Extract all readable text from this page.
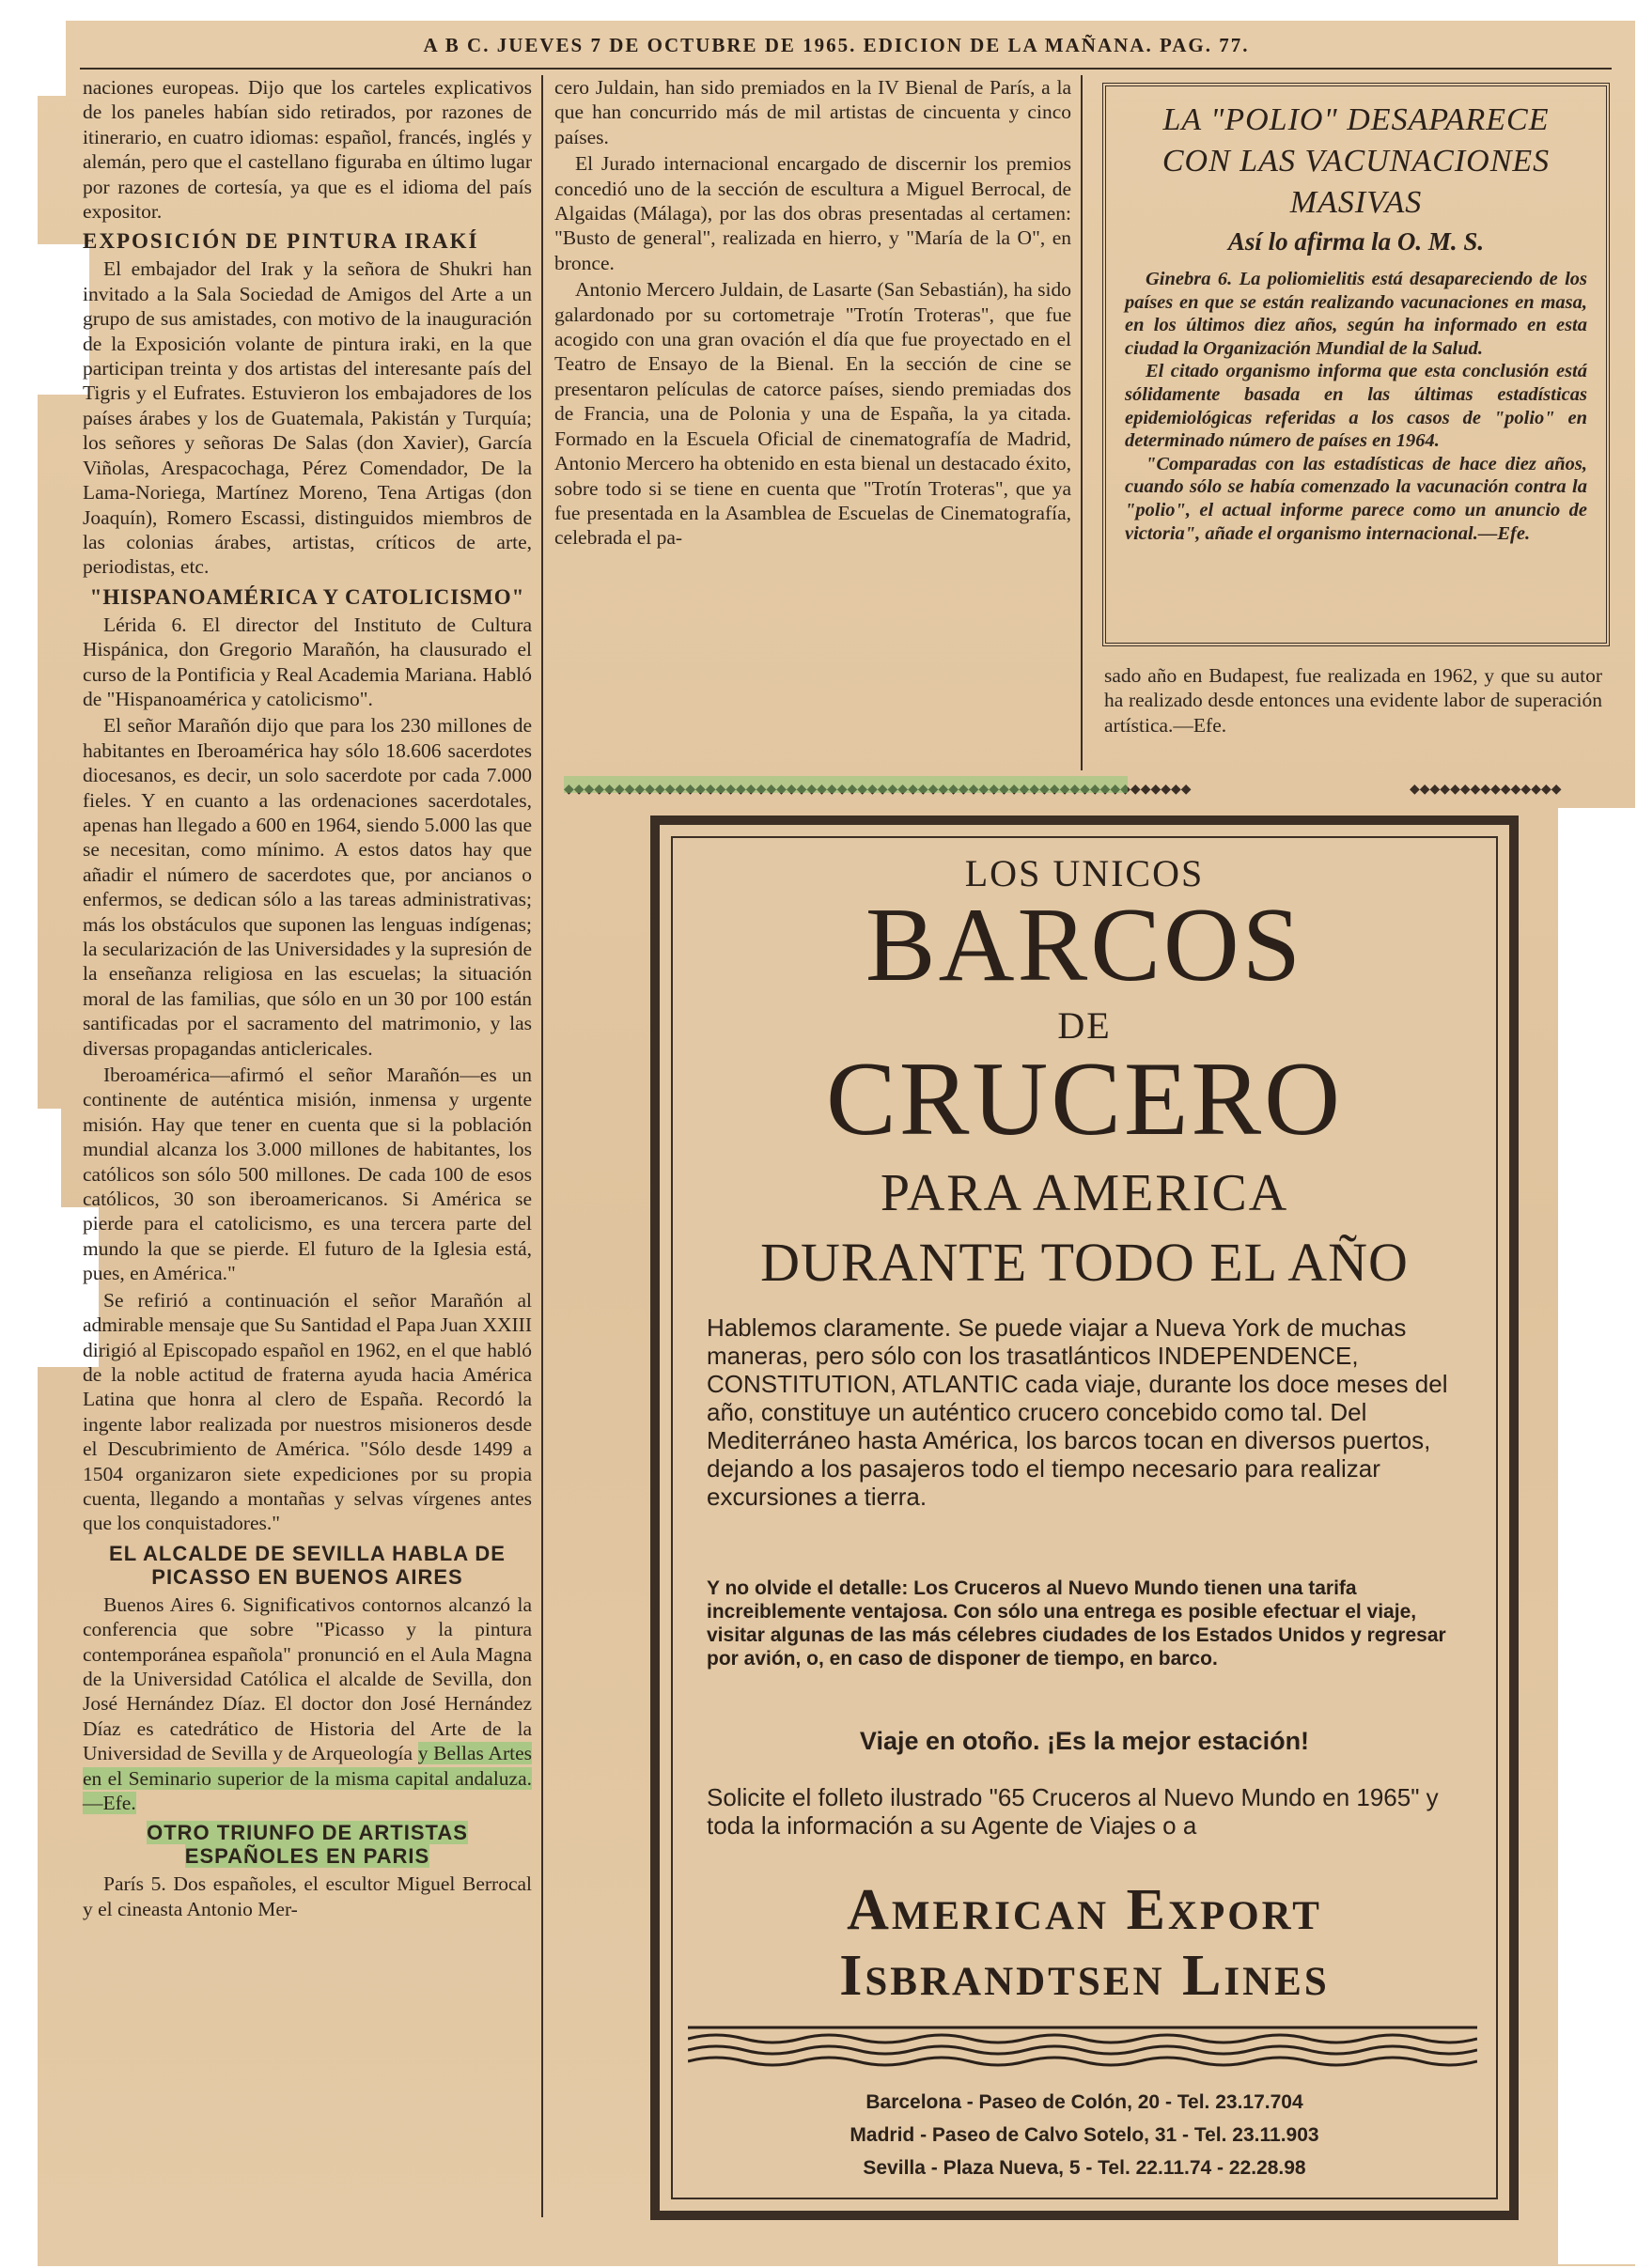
A B C. JUEVES 7 DE OCTUBRE DE 1965. EDICION DE LA MAÑANA. PAG. 77.

naciones europeas. Dijo que los carteles explicativos de los paneles habían sido retirados, por razones de itinerario, en cuatro idiomas: español, francés, inglés y alemán, pero que el castellano figuraba en último lugar por razones de cortesía, ya que es el idioma del país expositor.

EXPOSICIÓN DE PINTURA IRAKÍ

El embajador del Irak y la señora de Shukri han invitado a la Sala Sociedad de Amigos del Arte a un grupo de sus amistades, con motivo de la inauguración de la Exposición volante de pintura iraki, en la que participan treinta y dos artistas del interesante país del Tigris y el Eufrates. Estuvieron los embajadores de los países árabes y los de Guatemala, Pakistán y Turquía; los señores y señoras De Salas (don Xavier), García Viñolas, Arespacochaga, Pérez Comendador, De la Lama-Noriega, Martínez Moreno, Tena Artigas (don Joaquín), Romero Escassi, distinguidos miembros de las colonias árabes, artistas, críticos de arte, periodistas, etc.

"HISPANOAMÉRICA Y CATOLICISMO"

Lérida 6. El director del Instituto de Cultura Hispánica, don Gregorio Marañón, ha clausurado el curso de la Pontificia y Real Academia Mariana. Habló de "Hispanoamérica y catolicismo".

El señor Marañón dijo que para los 230 millones de habitantes en Iberoamérica hay sólo 18.606 sacerdotes diocesanos, es decir, un solo sacerdote por cada 7.000 fieles. Y en cuanto a las ordenaciones sacerdotales, apenas han llegado a 600 en 1964, siendo 5.000 las que se necesitan, como mínimo. A estos datos hay que añadir el número de sacerdotes que, por ancianos o enfermos, se dedican sólo a las tareas administrativas; más los obstáculos que suponen las lenguas indígenas; la secularización de las Universidades y la supresión de la enseñanza religiosa en las escuelas; la situación moral de las familias, que sólo en un 30 por 100 están santificadas por el sacramento del matrimonio, y las diversas propagandas anticlericales.

Iberoamérica—afirmó el señor Marañón—es un continente de auténtica misión, inmensa y urgente misión. Hay que tener en cuenta que si la población mundial alcanza los 3.000 millones de habitantes, los católicos son sólo 500 millones. De cada 100 de esos católicos, 30 son iberoamericanos. Si América se pierde para el catolicismo, es una tercera parte del mundo la que se pierde. El futuro de la Iglesia está, pues, en América."

Se refirió a continuación el señor Marañón al admirable mensaje que Su Santidad el Papa Juan XXIII dirigió al Episcopado español en 1962, en el que habló de la noble actitud de fraterna ayuda hacia América Latina que honra al clero de España. Recordó la ingente labor realizada por nuestros misioneros desde el Descubrimiento de América. "Sólo desde 1499 a 1504 organizaron siete expediciones por su propia cuenta, llegando a montañas y selvas vírgenes antes que los conquistadores."

EL ALCALDE DE SEVILLA HABLA DE PICASSO EN BUENOS AIRES

Buenos Aires 6. Significativos contornos alcanzó la conferencia que sobre "Picasso y la pintura contemporánea española" pronunció en el Aula Magna de la Universidad Católica el alcalde de Sevilla, don José Hernández Díaz. El doctor don José Hernández Díaz es catedrático de Historia del Arte de la Universidad de Sevilla y de Arqueología y Bellas Artes en el Seminario superior de la misma capital andaluza.—Efe.

OTRO TRIUNFO DE ARTISTAS ESPAÑOLES EN PARIS

París 5. Dos españoles, el escultor Miguel Berrocal y el cineasta Antonio Mer-

cero Juldain, han sido premiados en la IV Bienal de París, a la que han concurrido más de mil artistas de cincuenta y cinco países.

El Jurado internacional encargado de discernir los premios concedió uno de la sección de escultura a Miguel Berrocal, de Algaidas (Málaga), por las dos obras presentadas al certamen: "Busto de general", realizada en hierro, y "María de la O", en bronce.

Antonio Mercero Juldain, de Lasarte (San Sebastián), ha sido galardonado por su cortometraje "Trotín Troteras", que fue acogido con una gran ovación el día que fue proyectado en el Teatro de Ensayo de la Bienal. En la sección de cine se presentaron películas de catorce países, siendo premiadas dos de Francia, una de Polonia y una de España, la ya citada. Formado en la Escuela Oficial de cinematografía de Madrid, Antonio Mercero ha obtenido en esta bienal un destacado éxito, sobre todo si se tiene en cuenta que "Trotín Troteras", que ya fue presentada en la Asamblea de Escuelas de Cinematografía, celebrada el pa-

LA "POLIO" DESAPARECE CON LAS VACUNACIONES MASIVAS
Así lo afirma la O. M. S.

Ginebra 6. La poliomielitis está desapareciendo de los países en que se están realizando vacunaciones en masa, en los últimos diez años, según ha informado en esta ciudad la Organización Mundial de la Salud.

El citado organismo informa que esta conclusión está sólidamente basada en las últimas estadísticas epidemiológicas referidas a los casos de "polio" en determinado número de países en 1964.

"Comparadas con las estadísticas de hace diez años, cuando sólo se había comenzado la vacunación contra la "polio", el actual informe parece como un anuncio de victoria", añade el organismo internacional.—Efe.

sado año en Budapest, fue realizada en 1962, y que su autor ha realizado desde entonces una evidente labor de superación artística.—Efe.

◆◆◆◆◆◆◆◆◆◆◆◆◆◆◆◆◆◆◆◆◆◆◆◆◆◆◆◆◆◆◆◆◆◆◆◆◆◆◆◆◆◆◆◆◆◆◆◆◆◆◆◆◆◆◆◆◆◆◆◆◆◆	◆◆◆◆◆◆◆◆◆◆◆◆◆◆◆
LOS UNICOS
BARCOS
DE
CRUCERO
PARA AMERICA
DURANTE TODO EL AÑO
Hablemos claramente. Se puede viajar a Nueva York de muchas maneras, pero sólo con los trasatlánticos INDEPENDENCE, CONSTITUTION, ATLANTIC cada viaje, durante los doce meses del año, constituye un auténtico crucero concebido como tal. Del Mediterráneo hasta América, los barcos tocan en diversos puertos, dejando a los pasajeros todo el tiempo necesario para realizar excursiones a tierra.
Y no olvide el detalle: Los Cruceros al Nuevo Mundo tienen una tarifa increiblemente ventajosa. Con sólo una entrega es posible efectuar el viaje, visitar algunas de las más célebres ciudades de los Estados Unidos y regresar por avión, o, en caso de disponer de tiempo, en barco.
Viaje en otoño. ¡Es la mejor estación!
Solicite el folleto ilustrado "65 Cruceros al Nuevo Mundo en 1965" y toda la información a su Agente de Viajes o a
American Export
Isbrandtsen Lines
Barcelona - Paseo de Colón, 20 - Tel. 23.17.704
Madrid - Paseo de Calvo Sotelo, 31 - Tel. 23.11.903
Sevilla - Plaza Nueva, 5 - Tel. 22.11.74 - 22.28.98
